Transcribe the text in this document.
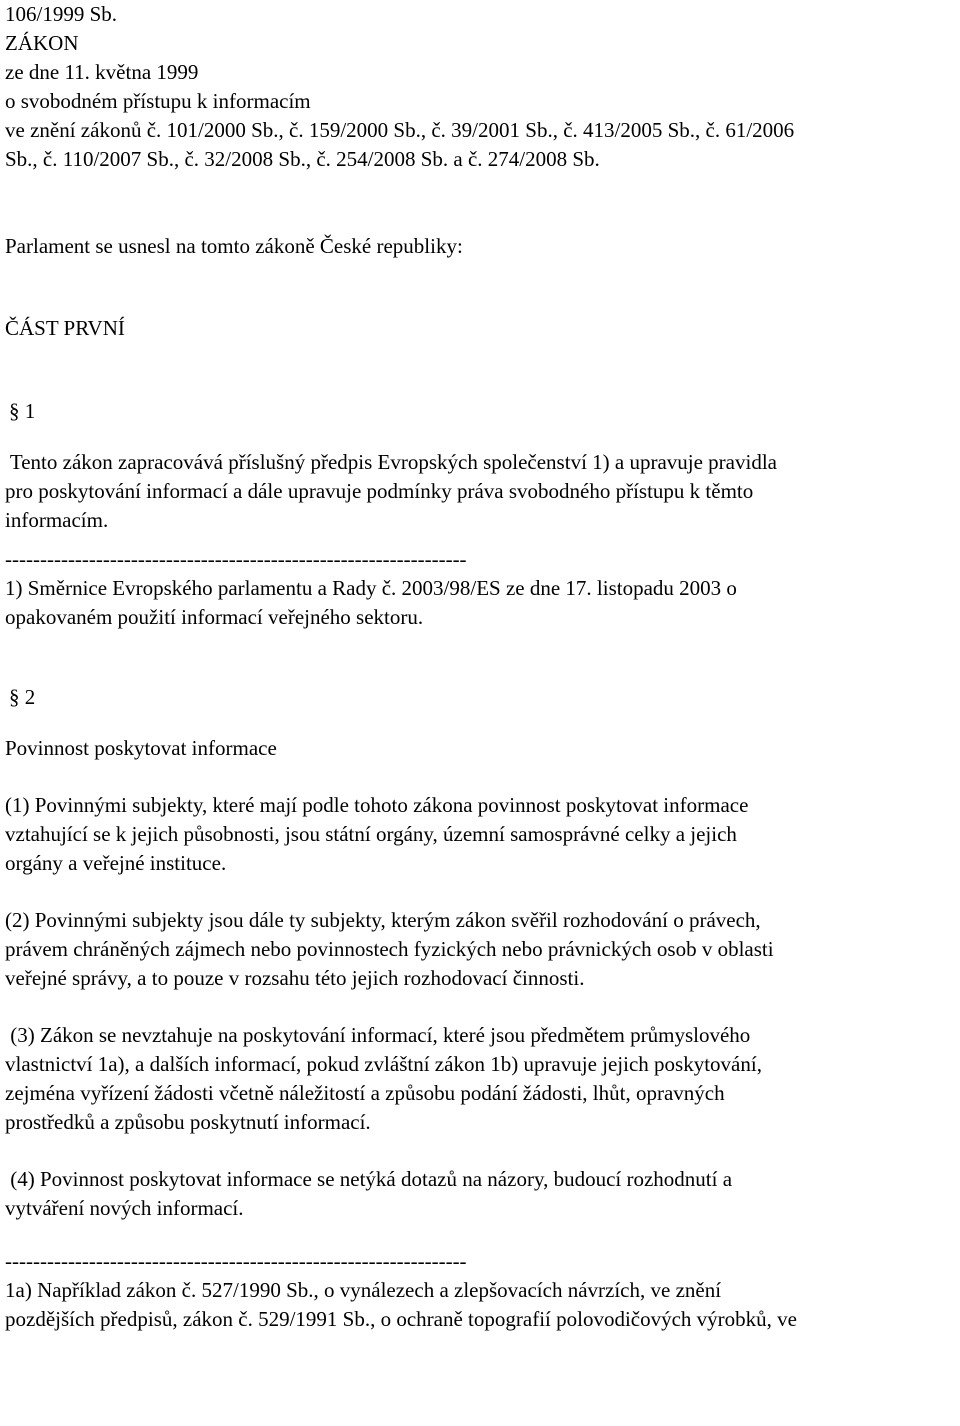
106/1999 Sb.
ZÁKON
ze dne 11. května 1999
o svobodném přístupu k informacím
ve znění zákonů č. 101/2000 Sb., č. 159/2000 Sb., č. 39/2001 Sb., č. 413/2005 Sb., č. 61/2006
Sb., č. 110/2007 Sb., č. 32/2008 Sb., č. 254/2008 Sb. a č. 274/2008 Sb.
Parlament se usnesl na tomto zákoně České republiky:
ČÁST PRVNÍ
§ 1
Tento zákon zapracovává příslušný předpis Evropských společenství 1) a upravuje pravidla
pro poskytování informací a dále upravuje podmínky práva svobodného přístupu k těmto
informacím.
------------------------------------------------------------------
1) Směrnice Evropského parlamentu a Rady č. 2003/98/ES ze dne 17. listopadu 2003 o
opakovaném použití informací veřejného sektoru.
§ 2
Povinnost poskytovat informace
(1) Povinnými subjekty, které mají podle tohoto zákona povinnost poskytovat informace
vztahující se k jejich působnosti, jsou státní orgány, územní samosprávné celky a jejich
orgány a veřejné instituce.
(2) Povinnými subjekty jsou dále ty subjekty, kterým zákon svěřil rozhodování o právech,
právem chráněných zájmech nebo povinnostech fyzických nebo právnických osob v oblasti
veřejné správy, a to pouze v rozsahu této jejich rozhodovací činnosti.
(3) Zákon se nevztahuje na poskytování informací, které jsou předmětem průmyslového
vlastnictví 1a), a dalších informací, pokud zvláštní zákon 1b) upravuje jejich poskytování,
zejména vyřízení žádosti včetně náležitostí a způsobu podání žádosti, lhůt, opravných
prostředků a způsobu poskytnutí informací.
(4) Povinnost poskytovat informace se netýká dotazů na názory, budoucí rozhodnutí a
vytváření nových informací.
------------------------------------------------------------------
1a) Například zákon č. 527/1990 Sb., o vynálezech a zlepšovacích návrzích, ve znění
pozdějších předpisů, zákon č. 529/1991 Sb., o ochraně topografií polovodičových výrobků, ve
